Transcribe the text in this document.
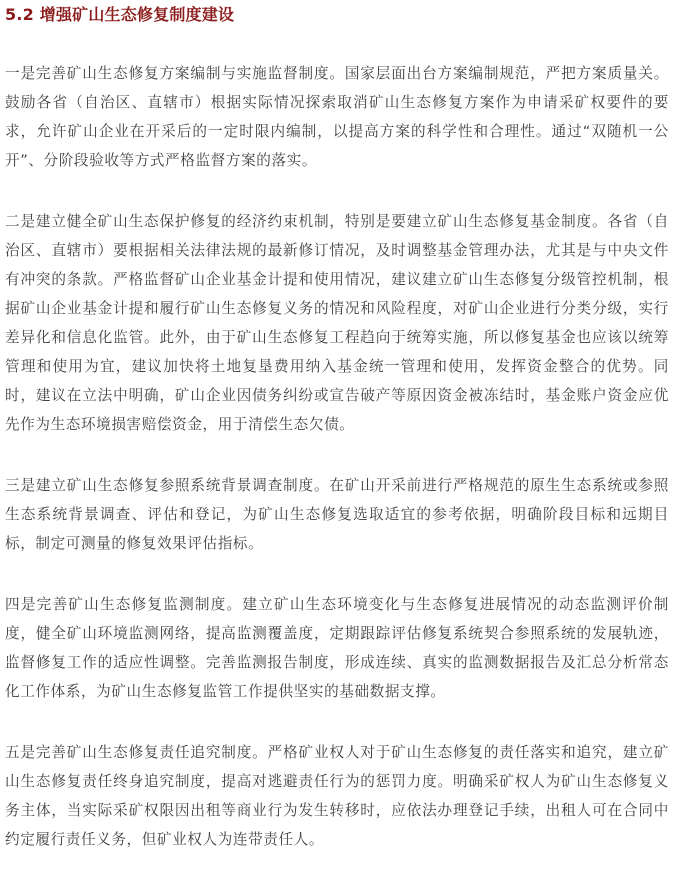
5.2 增强矿山生态修复制度建设

一是完善矿山生态修复方案编制与实施监督制度。国家层面出台方案编制规范，严把方案质量关。鼓励各省（自治区、直辖市）根据实际情况探索取消矿山生态修复方案作为申请采矿权要件的要求，允许矿山企业在开采后的一定时限内编制，以提高方案的科学性和合理性。通过“双随机一公开”、分阶段验收等方式严格监督方案的落实。

二是建立健全矿山生态保护修复的经济约束机制，特别是要建立矿山生态修复基金制度。各省（自治区、直辖市）要根据相关法律法规的最新修订情况，及时调整基金管理办法，尤其是与中央文件有冲突的条款。严格监督矿山企业基金计提和使用情况，建议建立矿山生态修复分级管控机制，根据矿山企业基金计提和履行矿山生态修复义务的情况和风险程度，对矿山企业进行分类分级，实行差异化和信息化监管。此外，由于矿山生态修复工程趋向于统筹实施，所以修复基金也应该以统筹管理和使用为宜，建议加快将土地复垦费用纳入基金统一管理和使用，发挥资金整合的优势。同时，建议在立法中明确，矿山企业因债务纠纷或宣告破产等原因资金被冻结时，基金账户资金应优先作为生态环境损害赔偿资金，用于清偿生态欠债。

三是建立矿山生态修复参照系统背景调查制度。在矿山开采前进行严格规范的原生生态系统或参照生态系统背景调查、评估和登记，为矿山生态修复选取适宜的参考依据，明确阶段目标和远期目标，制定可测量的修复效果评估指标。

四是完善矿山生态修复监测制度。建立矿山生态环境变化与生态修复进展情况的动态监测评价制度，健全矿山环境监测网络，提高监测覆盖度，定期跟踪评估修复系统契合参照系统的发展轨迹，监督修复工作的适应性调整。完善监测报告制度，形成连续、真实的监测数据报告及汇总分析常态化工作体系，为矿山生态修复监管工作提供坚实的基础数据支撑。

五是完善矿山生态修复责任追究制度。严格矿业权人对于矿山生态修复的责任落实和追究，建立矿山生态修复责任终身追究制度，提高对逃避责任行为的惩罚力度。明确采矿权人为矿山生态修复义务主体，当实际采矿权限因出租等商业行为发生转移时，应依法办理登记手续，出租人可在合同中约定履行责任义务，但矿业权人为连带责任人。
